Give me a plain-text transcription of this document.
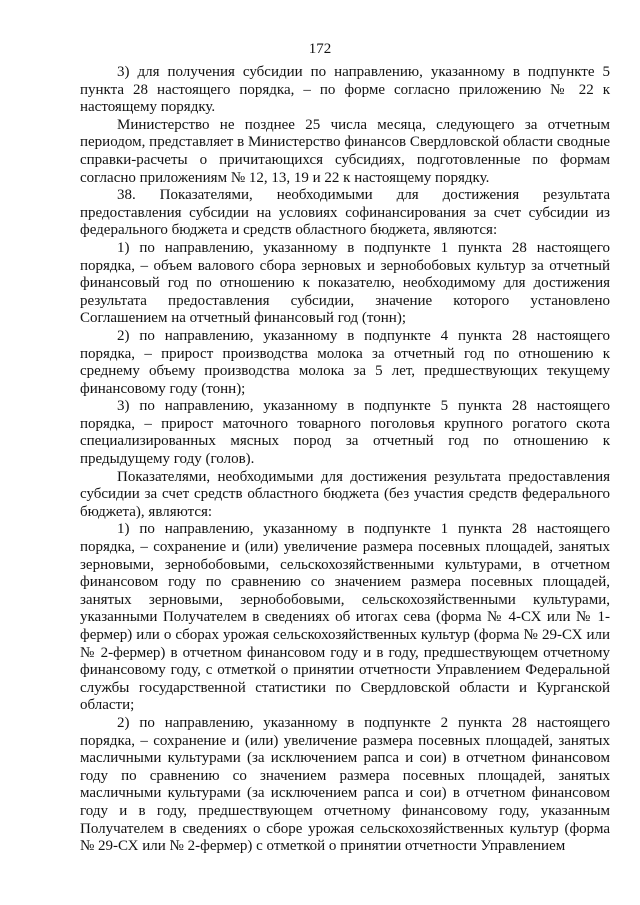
172

3) для получения субсидии по направлению, указанному в подпункте 5 пункта 28 настоящего порядка, – по форме согласно приложению № 22 к настоящему порядку.

Министерство не позднее 25 числа месяца, следующего за отчетным периодом, представляет в Министерство финансов Свердловской области сводные справки-расчеты о причитающихся субсидиях, подготовленные по формам согласно приложениям № 12, 13, 19 и 22 к настоящему порядку.

38. Показателями, необходимыми для достижения результата предоставления субсидии на условиях софинансирования за счет субсидии из федерального бюджета и средств областного бюджета, являются:

1) по направлению, указанному в подпункте 1 пункта 28 настоящего порядка, – объем валового сбора зерновых и зернобобовых культур за отчетный финансовый год по отношению к показателю, необходимому для достижения результата предоставления субсидии, значение которого установлено Соглашением на отчетный финансовый год (тонн);

2) по направлению, указанному в подпункте 4 пункта 28 настоящего порядка, – прирост производства молока за отчетный год по отношению к среднему объему производства молока за 5 лет, предшествующих текущему финансовому году (тонн);

3) по направлению, указанному в подпункте 5 пункта 28 настоящего порядка, – прирост маточного товарного поголовья крупного рогатого скота специализированных мясных пород за отчетный год по отношению к предыдущему году (голов).

Показателями, необходимыми для достижения результата предоставления субсидии за счет средств областного бюджета (без участия средств федерального бюджета), являются:

1) по направлению, указанному в подпункте 1 пункта 28 настоящего порядка, – сохранение и (или) увеличение размера посевных площадей, занятых зерновыми, зернобобовыми, сельскохозяйственными культурами, в отчетном финансовом году по сравнению со значением размера посевных площадей, занятых зерновыми, зернобобовыми, сельскохозяйственными культурами, указанными Получателем в сведениях об итогах сева (форма № 4-СХ или № 1-фермер) или о сборах урожая сельскохозяйственных культур (форма № 29-СХ или № 2-фермер) в отчетном финансовом году и в году, предшествующем отчетному финансовому году, с отметкой о принятии отчетности Управлением Федеральной службы государственной статистики по Свердловской области и Курганской области;

2) по направлению, указанному в подпункте 2 пункта 28 настоящего порядка, – сохранение и (или) увеличение размера посевных площадей, занятых масличными культурами (за исключением рапса и сои) в отчетном финансовом году по сравнению со значением размера посевных площадей, занятых масличными культурами (за исключением рапса и сои) в отчетном финансовом году и в году, предшествующем отчетному финансовому году, указанным Получателем в сведениях о сборе урожая сельскохозяйственных культур (форма № 29-СХ или № 2-фермер) с отметкой о принятии отчетности Управлением
